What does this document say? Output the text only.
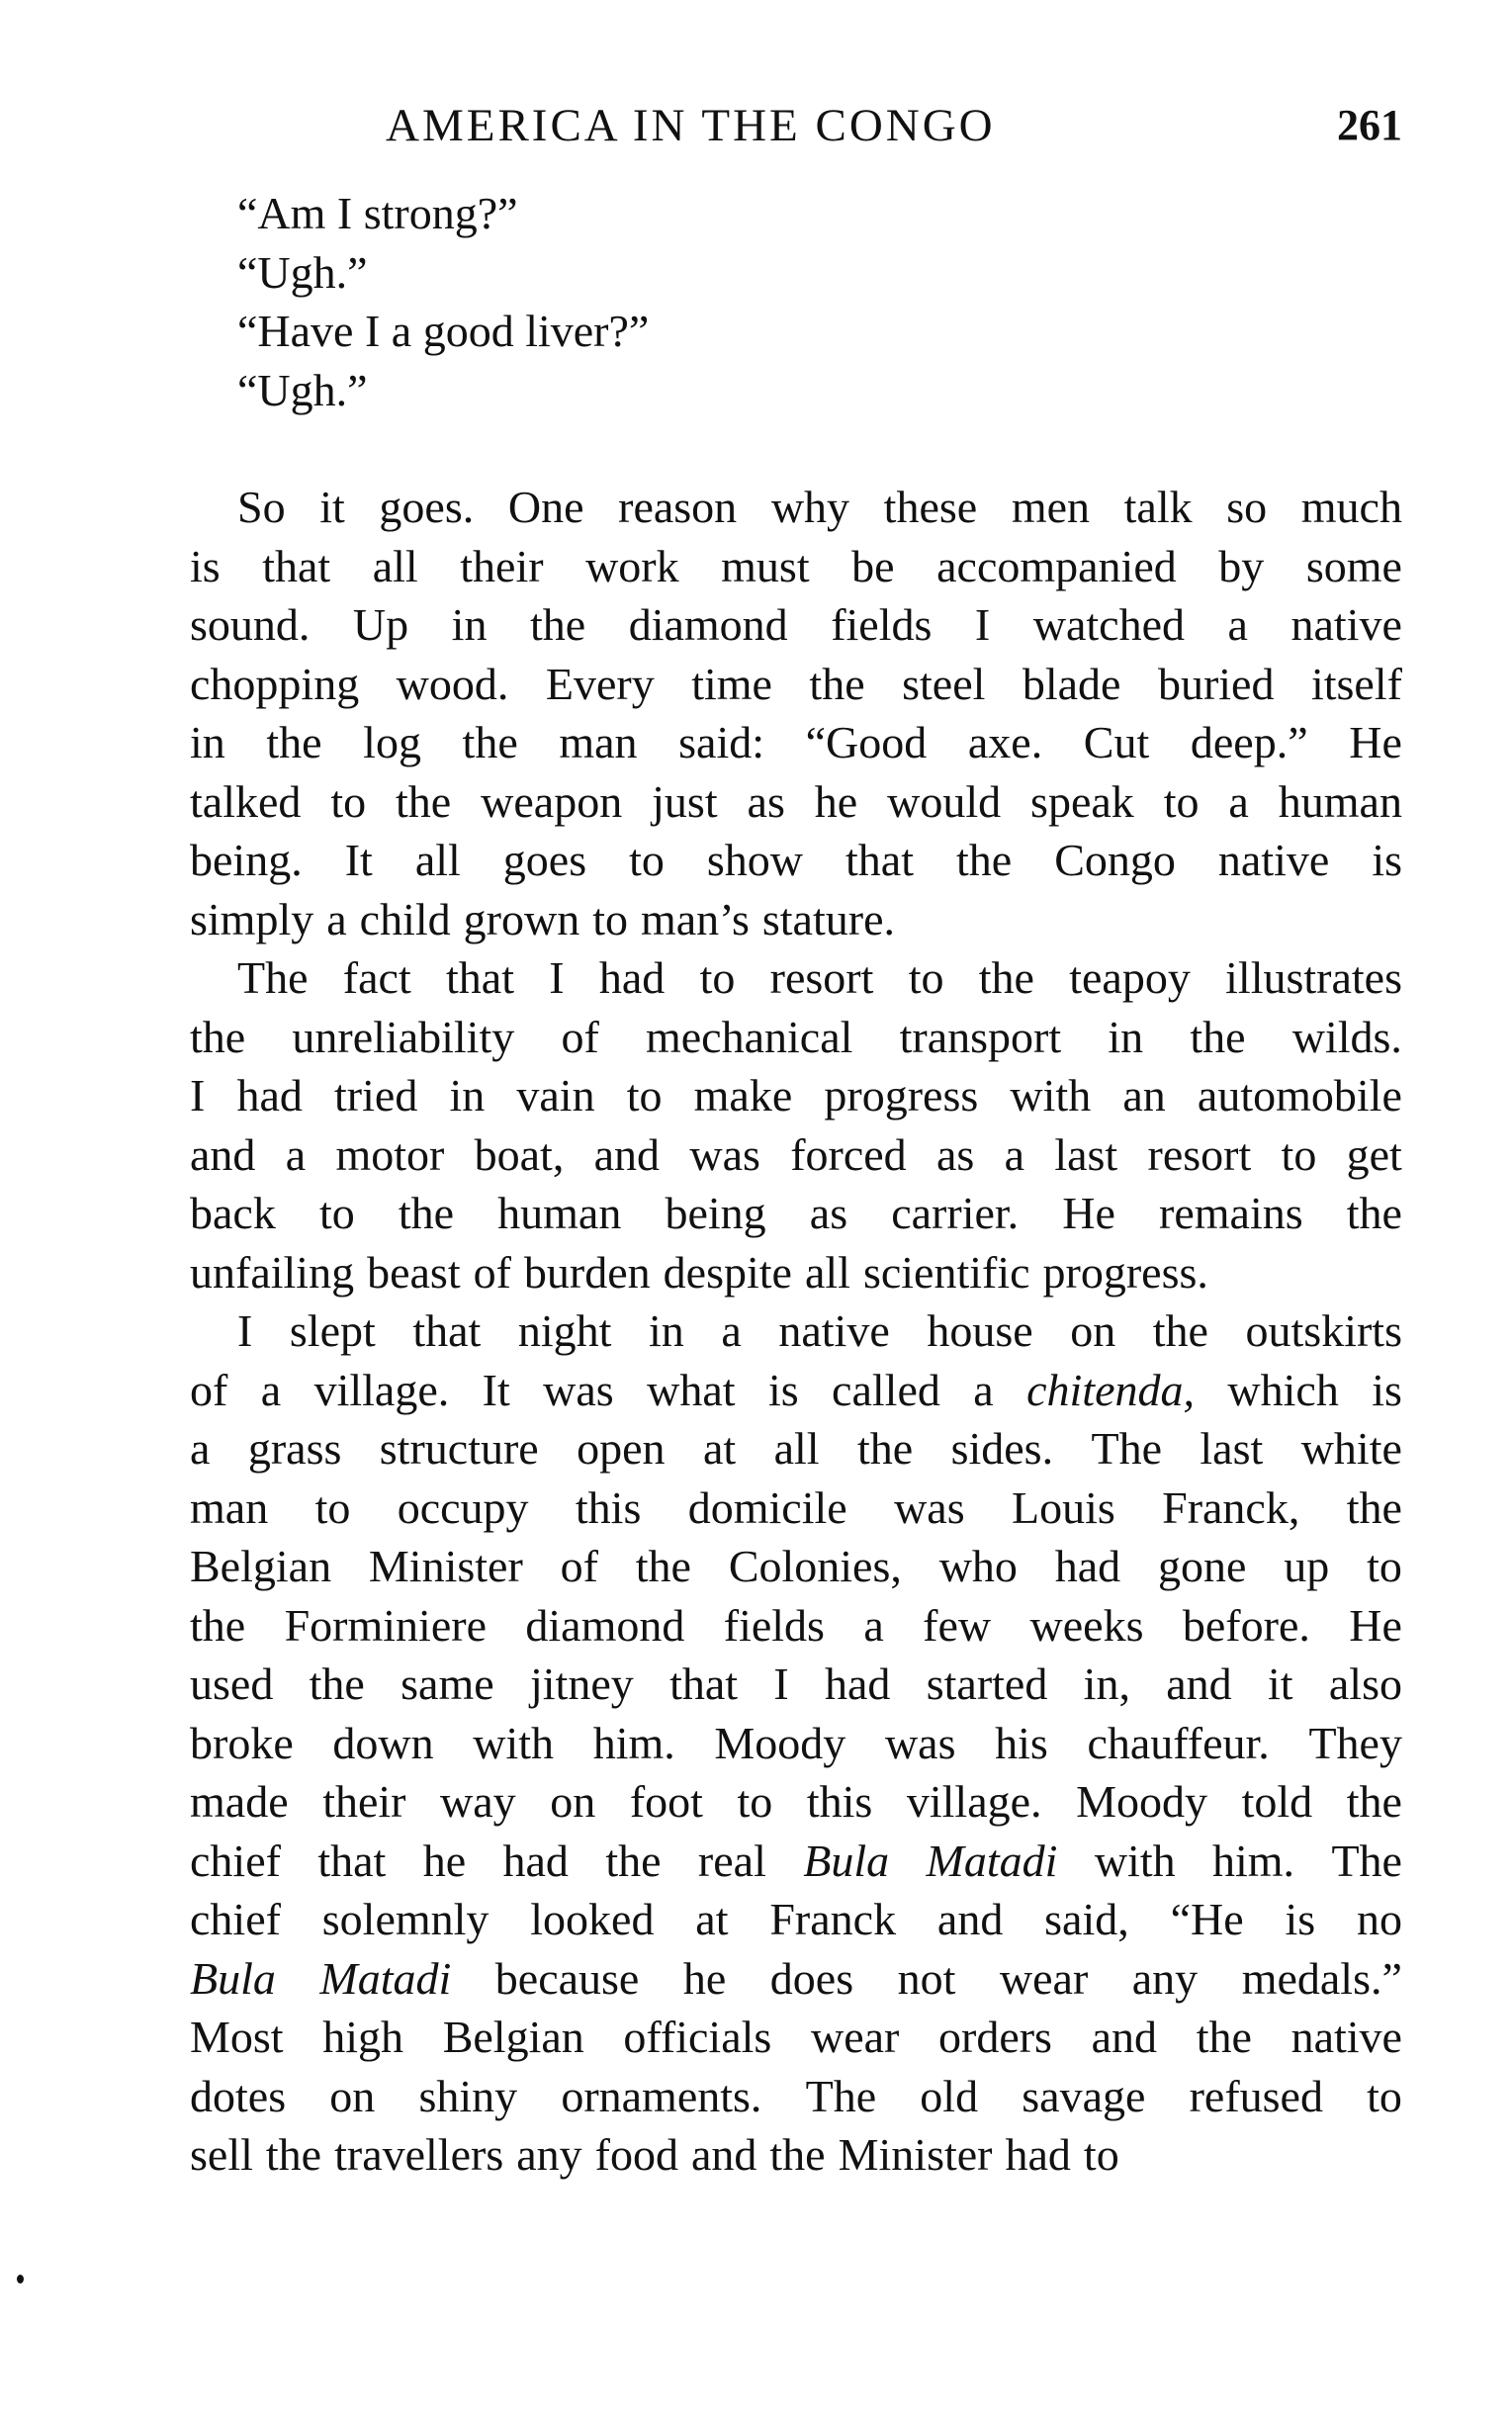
AMERICA IN THE CONGO	261
“Am I strong?”
“Ugh.”
“Have I a good liver?”
“Ugh.”
So it goes. One reason why these men talk so much
is that all their work must be accompanied by some
sound. Up in the diamond fields I watched a native
chopping wood. Every time the steel blade buried itself
in the log the man said: “Good axe. Cut deep.” He
talked to the weapon just as he would speak to a human
being. It all goes to show that the Congo native is
simply a child grown to man’s stature.
The fact that I had to resort to the teapoy illustrates
the unreliability of mechanical transport in the wilds.
I had tried in vain to make progress with an automobile
and a motor boat, and was forced as a last resort to get
back to the human being as carrier. He remains the
unfailing beast of burden despite all scientific progress.
I slept that night in a native house on the outskirts
of a village. It was what is called a chitenda, which is
a grass structure open at all the sides. The last white
man to occupy this domicile was Louis Franck, the
Belgian Minister of the Colonies, who had gone up to
the Forminiere diamond fields a few weeks before. He
used the same jitney that I had started in, and it also
broke down with him. Moody was his chauffeur. They
made their way on foot to this village. Moody told the
chief that he had the real Bula Matadi with him. The
chief solemnly looked at Franck and said, “He is no
Bula Matadi because he does not wear any medals.”
Most high Belgian officials wear orders and the native
dotes on shiny ornaments. The old savage refused to
sell the travellers any food and the Minister had to
